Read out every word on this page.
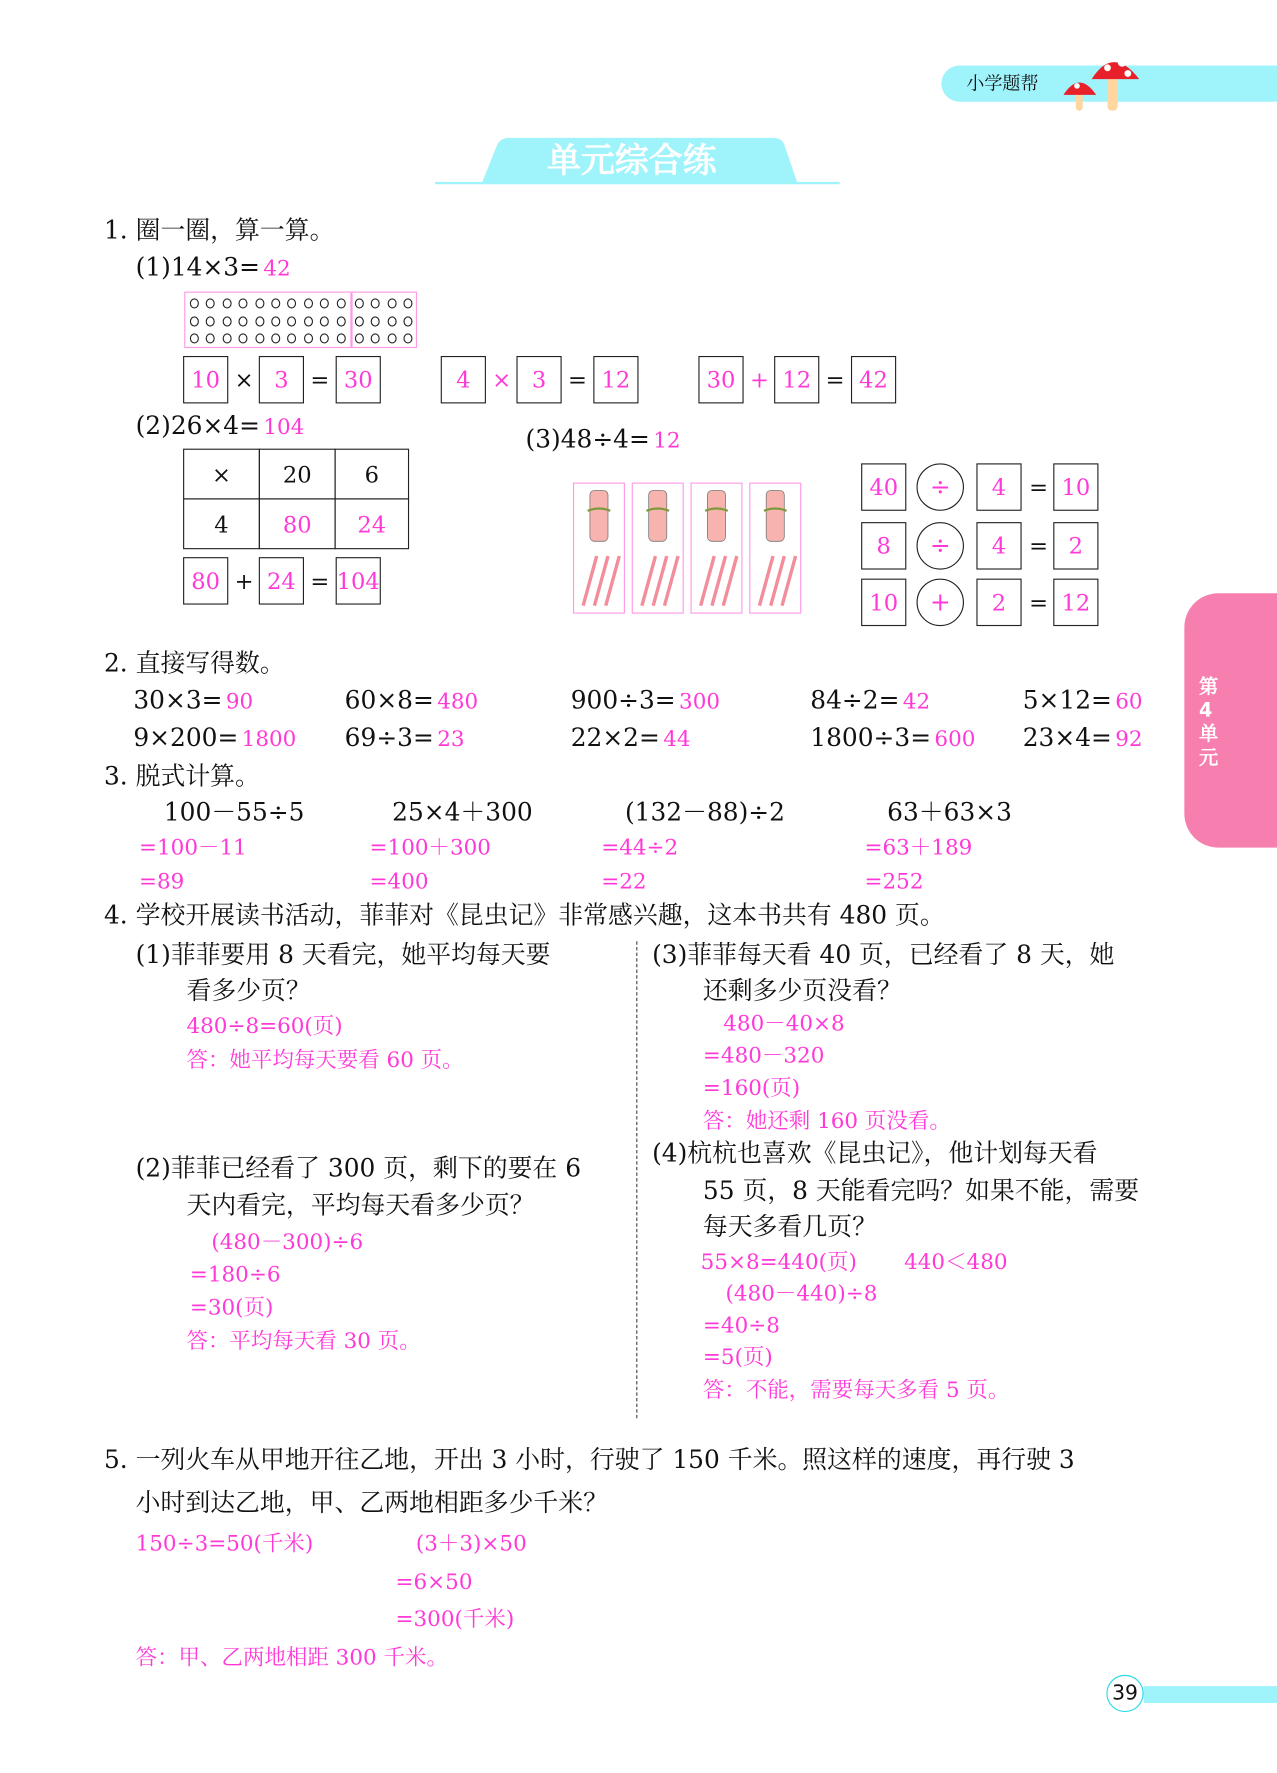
小学题帮
单元综合练
第4单元
1. 圈一圈，算一算。
(1)14×3= 42
(2)26×4= 104	(3)48÷4= 12
2. 直接写得数。
3. 脱式计算。
4. 学校开展读书活动，菲菲对《昆虫记》非常感兴趣，这本书共有 480 页。
39
10 ×	3	= 30	4	×	3	= 12	30 + 12 = 42
80 + 24 = 104
40	÷	4	= 10
8	÷	4	=	2
10	+	2	= 12
×	20	6
4	80	24
30×3= 90	60×8= 480	900÷3= 300	84÷2= 42	5×12= 60
9×200= 1800 69÷3= 23	22×2= 44	1800÷3= 600 23×4= 92
100－55÷5
=100－11
=89
25×4＋300
=100＋300
=400
(132－88)÷2
=44÷2
=22
63＋63×3
=63＋189
=252
(1)菲菲要用 8 天看完，她平均每天要
看多少页？
480÷8=60(页)
答：她平均每天要看 60 页。
(2)菲菲已经看了 300 页，剩下的要在 6
天内看完，平均每天看多少页？
(480－300)÷6
=180÷6
=30(页)
答：平均每天看 30 页。
(3)菲菲每天看 40 页，已经看了 8 天，她
还剩多少页没看？
480－40×8
=480－320
=160(页)
答：她还剩 160 页没看。
(4)杭杭也喜欢《昆虫记》，他计划每天看
55 页，8 天能看完吗？如果不能，需要
每天多看几页？
55×8=440(页) 440＜480
(480－440)÷8
=40÷8
=5(页)
答：不能，需要每天多看 5 页。
5. 一列火车从甲地开往乙地，开出 3 小时，行驶了 150 千米。照这样的速度，再行驶 3
小时到达乙地，甲、乙两地相距多少千米？
150÷3=50(千米)	(3＋3)×50
=6×50
=300(千米)
答：甲、乙两地相距 300 千米。
